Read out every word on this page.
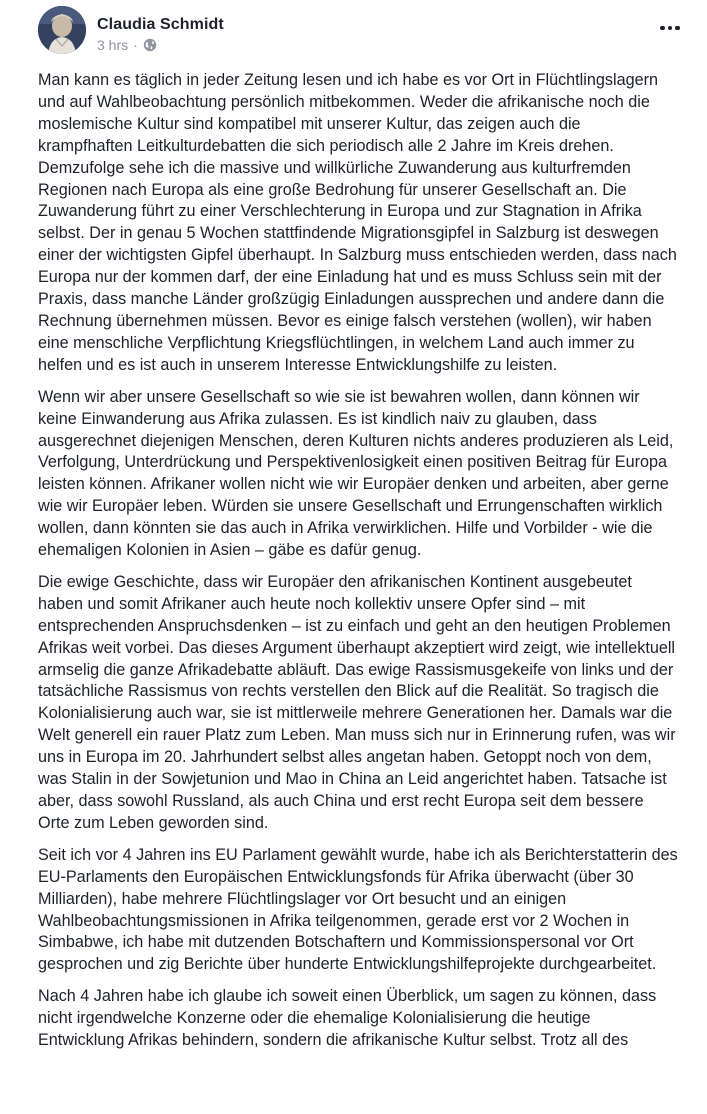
Claudia Schmidt
3 hrs ·

Man kann es täglich in jeder Zeitung lesen und ich habe es vor Ort in Flüchtlingslagern und auf Wahlbeobachtung persönlich mitbekommen. Weder die afrikanische noch die moslemische Kultur sind kompatibel mit unserer Kultur, das zeigen auch die krampfhaften Leitkulturdebatten die sich periodisch alle 2 Jahre im Kreis drehen. Demzufolge sehe ich die massive und willkürliche Zuwanderung aus kulturfremden Regionen nach Europa als eine große Bedrohung für unserer Gesellschaft an. Die Zuwanderung führt zu einer Verschlechterung in Europa und zur Stagnation in Afrika selbst. Der in genau 5 Wochen stattfindende Migrationsgipfel in Salzburg ist deswegen einer der wichtigsten Gipfel überhaupt. In Salzburg muss entschieden werden, dass nach Europa nur der kommen darf, der eine Einladung hat und es muss Schluss sein mit der Praxis, dass manche Länder großzügig Einladungen aussprechen und andere dann die Rechnung übernehmen müssen. Bevor es einige falsch verstehen (wollen), wir haben eine menschliche Verpflichtung Kriegsflüchtlingen, in welchem Land auch immer zu helfen und es ist auch in unserem Interesse Entwicklungshilfe zu leisten.

Wenn wir aber unsere Gesellschaft so wie sie ist bewahren wollen, dann können wir keine Einwanderung aus Afrika zulassen. Es ist kindlich naiv zu glauben, dass ausgerechnet diejenigen Menschen, deren Kulturen nichts anderes produzieren als Leid, Verfolgung, Unterdrückung und Perspektivenlosigkeit einen positiven Beitrag für Europa leisten können. Afrikaner wollen nicht wie wir Europäer denken und arbeiten, aber gerne wie wir Europäer leben. Würden sie unsere Gesellschaft und Errungenschaften wirklich wollen, dann könnten sie das auch in Afrika verwirklichen. Hilfe und Vorbilder - wie die ehemaligen Kolonien in Asien – gäbe es dafür genug.

Die ewige Geschichte, dass wir Europäer den afrikanischen Kontinent ausgebeutet haben und somit Afrikaner auch heute noch kollektiv unsere Opfer sind – mit entsprechenden Anspruchsdenken – ist zu einfach und geht an den heutigen Problemen Afrikas weit vorbei. Das dieses Argument überhaupt akzeptiert wird zeigt, wie intellektuell armselig die ganze Afrikadebatte abläuft. Das ewige Rassismusgekeife von links und der tatsächliche Rassismus von rechts verstellen den Blick auf die Realität. So tragisch die Kolonialisierung auch war, sie ist mittlerweile mehrere Generationen her. Damals war die Welt generell ein rauer Platz zum Leben. Man muss sich nur in Erinnerung rufen, was wir uns in Europa im 20. Jahrhundert selbst alles angetan haben. Getoppt noch von dem, was Stalin in der Sowjetunion und Mao in China an Leid angerichtet haben. Tatsache ist aber, dass sowohl Russland, als auch China und erst recht Europa seit dem bessere Orte zum Leben geworden sind.

Seit ich vor 4 Jahren ins EU Parlament gewählt wurde, habe ich als Berichterstatterin des EU-Parlaments den Europäischen Entwicklungsfonds für Afrika überwacht (über 30 Milliarden), habe mehrere Flüchtlingslager vor Ort besucht und an einigen Wahlbeobachtungsmissionen in Afrika teilgenommen, gerade erst vor 2 Wochen in Simbabwe, ich habe mit dutzenden Botschaftern und Kommissionspersonal vor Ort gesprochen und zig Berichte über hunderte Entwicklungshilfeprojekte durchgearbeitet.

Nach 4 Jahren habe ich glaube ich soweit einen Überblick, um sagen zu können, dass nicht irgendwelche Konzerne oder die ehemalige Kolonialisierung die heutige Entwicklung Afrikas behindern, sondern die afrikanische Kultur selbst. Trotz all des
